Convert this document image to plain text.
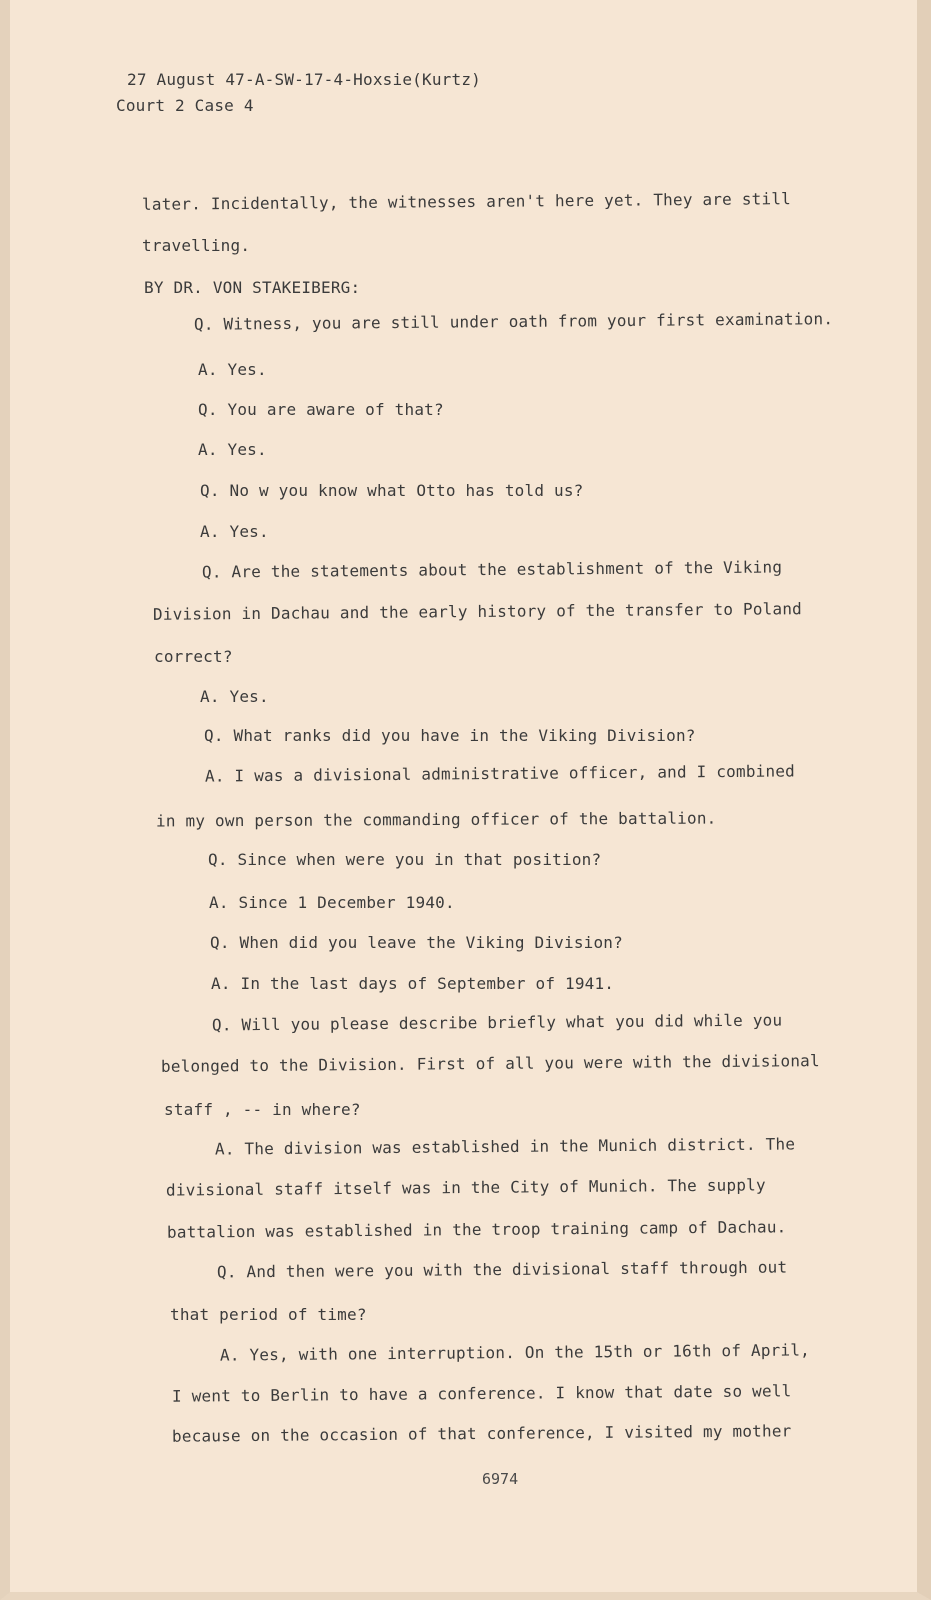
27 August 47-A-SW-17-4-Hoxsie(Kurtz)
Court 2 Case 4
later. Incidentally, the witnesses aren't here yet. They are still
travelling.
BY DR. VON STAKEIBERG:
Q. Witness, you are still under oath from your first examination.
A. Yes.
Q. You are aware of that?
A. Yes.
Q. No w you know what Otto has told us?
A. Yes.
Q. Are the statements about the establishment of the Viking
Division in Dachau and the early history of the transfer to Poland
correct?
A. Yes.
Q. What ranks did you have in the Viking Division?
A. I was a divisional administrative officer, and I combined
in my own person the commanding officer of the battalion.
Q. Since when were you in that position?
A. Since 1 December 1940.
Q. When did you leave the Viking Division?
A. In the last days of September of 1941.
Q. Will you please describe briefly what you did while you
belonged to the Division. First of all you were with the divisional
staff , -- in where?
A. The division was established in the Munich district. The
divisional staff itself was in the City of Munich. The supply
battalion was established in the troop training camp of Dachau.
Q. And then were you with the divisional staff through out
that period of time?
A. Yes, with one interruption. On the 15th or 16th of April,
I went to Berlin to have a conference. I know that date so well
because on the occasion of that conference, I visited my mother
6974
